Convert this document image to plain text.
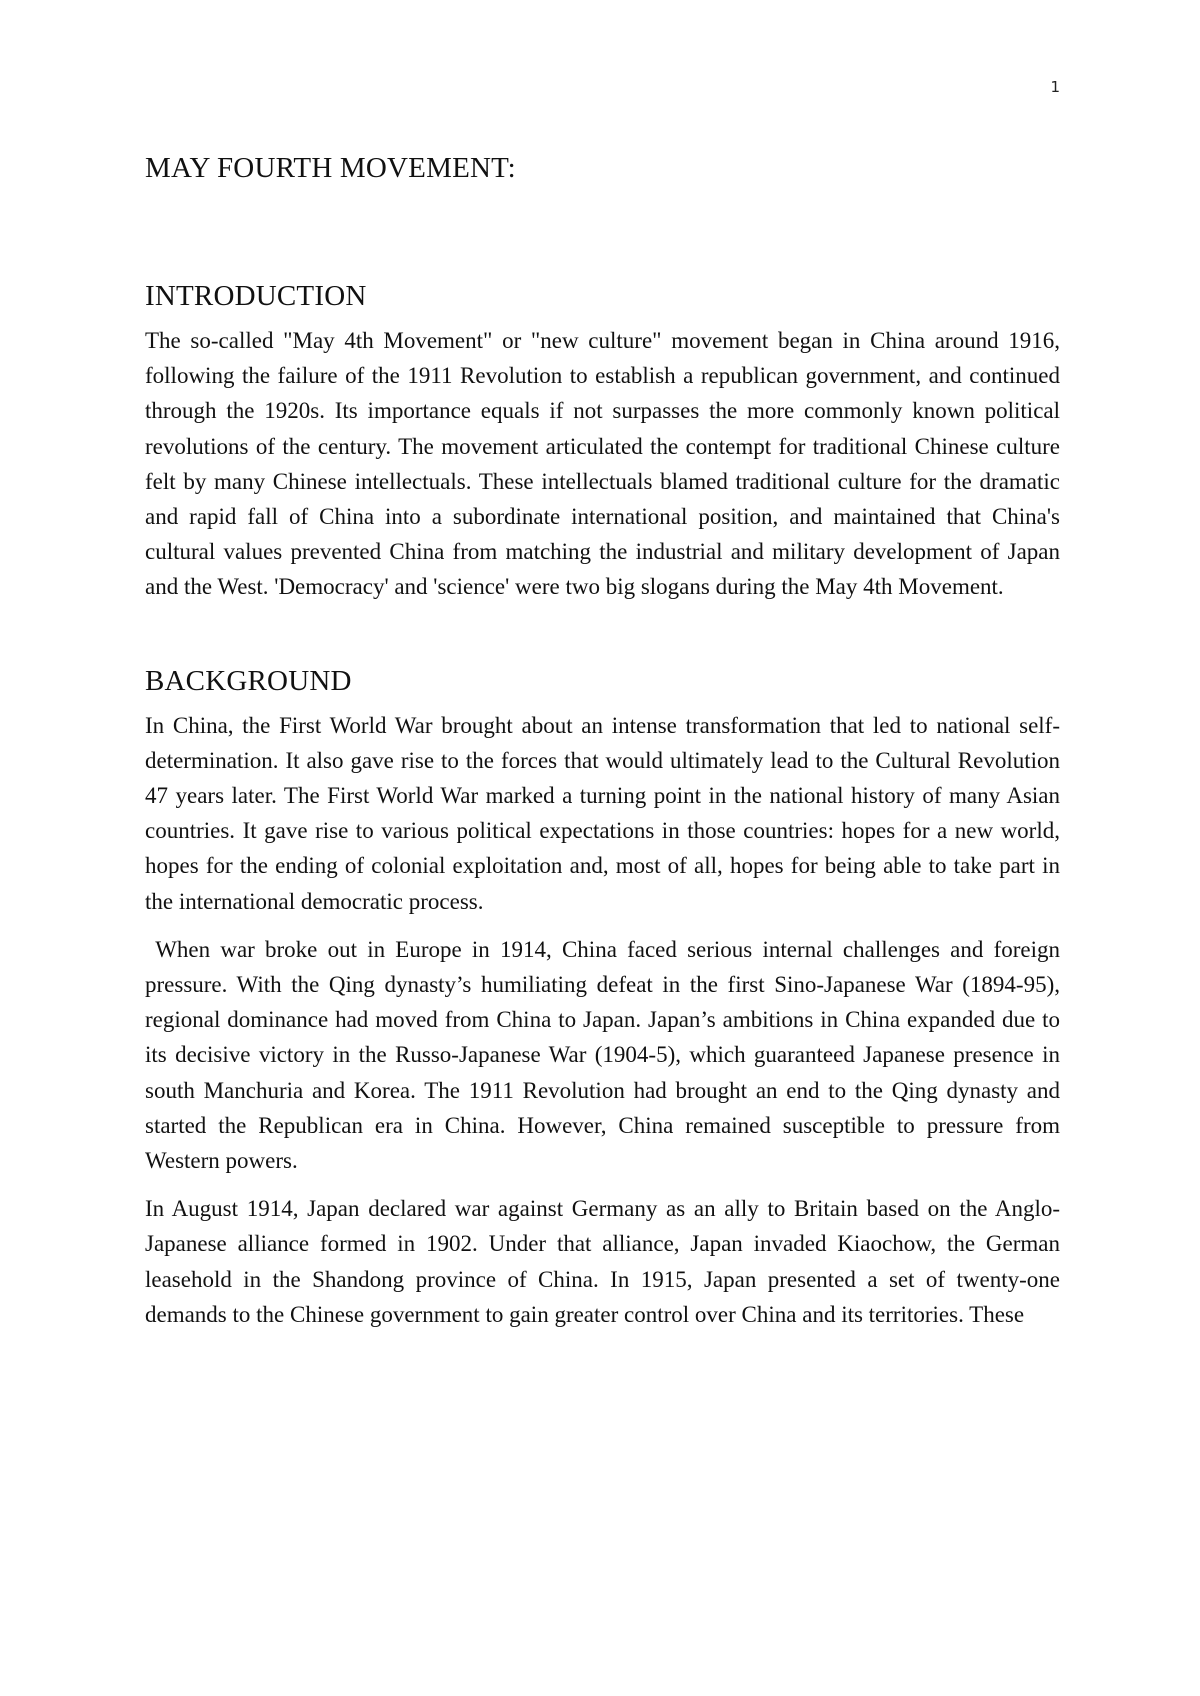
1
MAY FOURTH MOVEMENT:
INTRODUCTION

The so-called "May 4th Movement" or "new culture" movement began in China around 1916, following the failure of the 1911 Revolution to establish a republican government, and continued through the 1920s. Its importance equals if not surpasses the more commonly known political revolutions of the century. The movement articulated the contempt for traditional Chinese culture felt by many Chinese intellectuals. These intellectuals blamed traditional culture for the dramatic and rapid fall of China into a subordinate international position, and maintained that China's cultural values prevented China from matching the industrial and military development of Japan and the West. 'Democracy' and 'science' were two big slogans during the May 4th Movement.

BACKGROUND

In China, the First World War brought about an intense transformation that led to national self-determination. It also gave rise to the forces that would ultimately lead to the Cultural Revolution 47 years later. The First World War marked a turning point in the national history of many Asian countries. It gave rise to various political expectations in those countries: hopes for a new world, hopes for the ending of colonial exploitation and, most of all, hopes for being able to take part in the international democratic process.

When war broke out in Europe in 1914, China faced serious internal challenges and foreign pressure. With the Qing dynasty’s humiliating defeat in the first Sino-Japanese War (1894-95), regional dominance had moved from China to Japan. Japan’s ambitions in China expanded due to its decisive victory in the Russo-Japanese War (1904-5), which guaranteed Japanese presence in south Manchuria and Korea. The 1911 Revolution had brought an end to the Qing dynasty and started the Republican era in China. However, China remained susceptible to pressure from Western powers.

In August 1914, Japan declared war against Germany as an ally to Britain based on the Anglo-Japanese alliance formed in 1902. Under that alliance, Japan invaded Kiaochow, the German leasehold in the Shandong province of China. In 1915, Japan presented a set of twenty-one demands to the Chinese government to gain greater control over China and its territories. These
